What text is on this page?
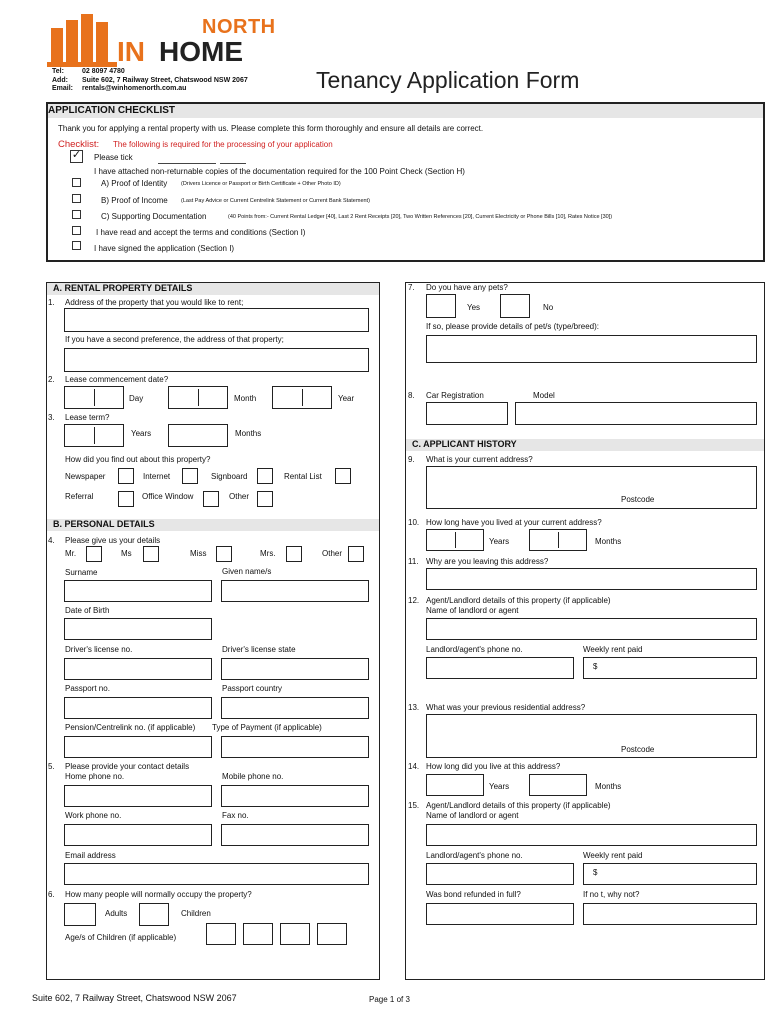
NORTH
IN HOME
Tel:	02 8097 4780
Add: Suite 602, 7 Railway Street, Chatswood NSW 2067
Email: rentals@winhomenorth.com.au	Tenancy Application Form
APPLICATION CHECKLIST
Thank you for applying a rental property with us. Please complete this form thoroughly and ensure all details are correct.
Checklist: The following is required for the processing of your application
✓ Please tick
I have attached non-returnable copies of the documentation required for the 100 Point Check (Section H)
A) Proof of Identity (Drivers Licence or Passport or Birth Certificate + Other Photo ID)
B) Proof of Income (Last Pay Advice or Current Centrelink Statement or Current Bank Statement)
C) Supporting Documentation	(40 Points from:- Current Rental Ledger [40], Last 2 Rent Receipts [20], Two Written References [20], Current Electricity or Phone Bills [10], Rates Notice [30])
I have read and accept the terms and conditions (Section I)
I have signed the application (Section I)
A. RENTAL PROPERTY DETAILS
1. Address of the property that you would like to rent;
If you have a second preference, the address of that property;
2. Lease commencement date?
Day	Month	Year
3. Lease term?
Years	Months
How did you find out about this property?
Newspaper	Internet	Signboard	Rental List
Referral	Office Window	Other
B. PERSONAL DETAILS
4. Please give us your details
Mr.	Ms	Miss	Mrs.	Other
Surname	Given name/s
Date of Birth
Driver's license no.	Driver's license state
Passport no.	Passport country
Pension/Centrelink no. (if applicable) Type of Payment (if applicable)
5. Please provide your contact details
Home phone no.	Mobile phone no.
Work phone no.	Fax no.
Email address
6. How many people will normally occupy the property?
Adults	Children
Age/s of Children (if applicable)
7. Do you have any pets?
Yes	No
If so, please provide details of pet/s (type/breed):
8. Car Registration	Model
C. APPLICANT HISTORY
9. What is your current address?
Postcode
10. How long have you lived at your current address?
Years	Months
11. Why are you leaving this address?
12. Agent/Landlord details of this property (if applicable)
Name of landlord or agent
Landlord/agent's phone no.	Weekly rent paid
$
13. What was your previous residential address?
Postcode
14. How long did you live at this address?
Years	Months
15. Agent/Landlord details of this property (if applicable)
Name of landlord or agent
Landlord/agent's phone no.	Weekly rent paid
$
Was bond refunded in full?	If no t, why not?
Suite 602, 7 Railway Street, Chatswood NSW 2067	Page 1 of 3
